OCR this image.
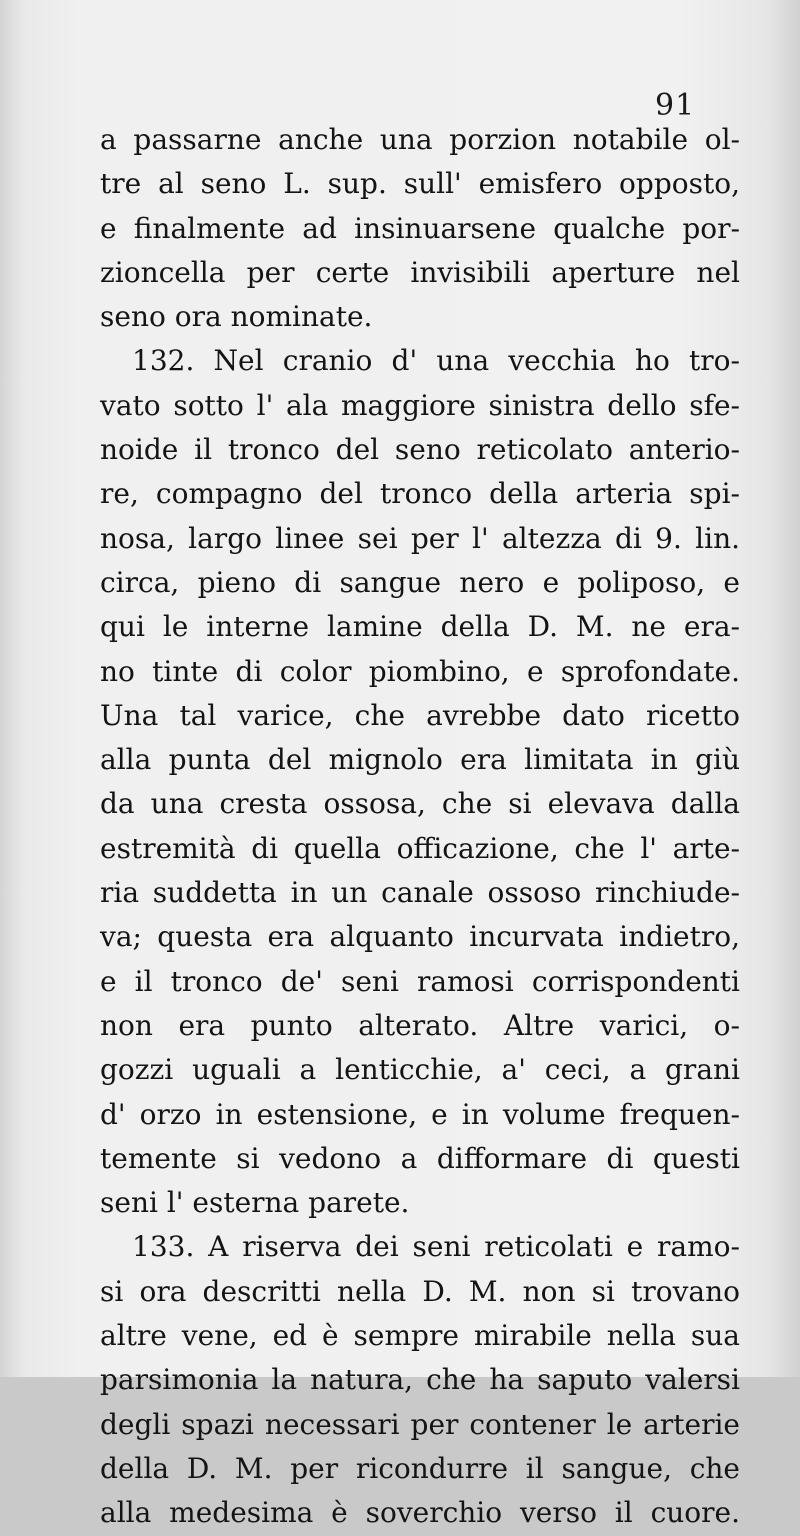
91
a passarne anche una porzion notabile ol-
tre al seno L. sup. sull' emisfero opposto,
e finalmente ad insinuarsene qualche por-
zioncella per certe invisibili aperture nel
seno ora nominate.
132. Nel cranio d' una vecchia ho tro-
vato sotto l' ala maggiore sinistra dello sfe-
noide il tronco del seno reticolato anterio-
re, compagno del tronco della arteria spi-
nosa, largo linee sei per l' altezza di 9. lin.
circa, pieno di sangue nero e poliposo, e
qui le interne lamine della D. M. ne era-
no tinte di color piombino, e sprofondate.
Una tal varice, che avrebbe dato ricetto
alla punta del mignolo era limitata in giù
da una cresta ossosa, che si elevava dalla
estremità di quella officazione, che l' arte-
ria suddetta in un canale ossoso rinchiude-
va; questa era alquanto incurvata indietro,
e il tronco de' seni ramosi corrispondenti
non era punto alterato. Altre varici, o-
gozzi uguali a lenticchie, a' ceci, a grani
d' orzo in estensione, e in volume frequen-
temente si vedono a difformare di questi
seni l' esterna parete.
133. A riserva dei seni reticolati e ramo-
si ora descritti nella D. M. non si trovano
altre vene, ed è sempre mirabile nella sua
parsimonia la natura, che ha saputo valersi
degli spazi necessari per contener le arterie
della D. M. per ricondurre il sangue, che
alla medesima è soverchio verso il cuore.
